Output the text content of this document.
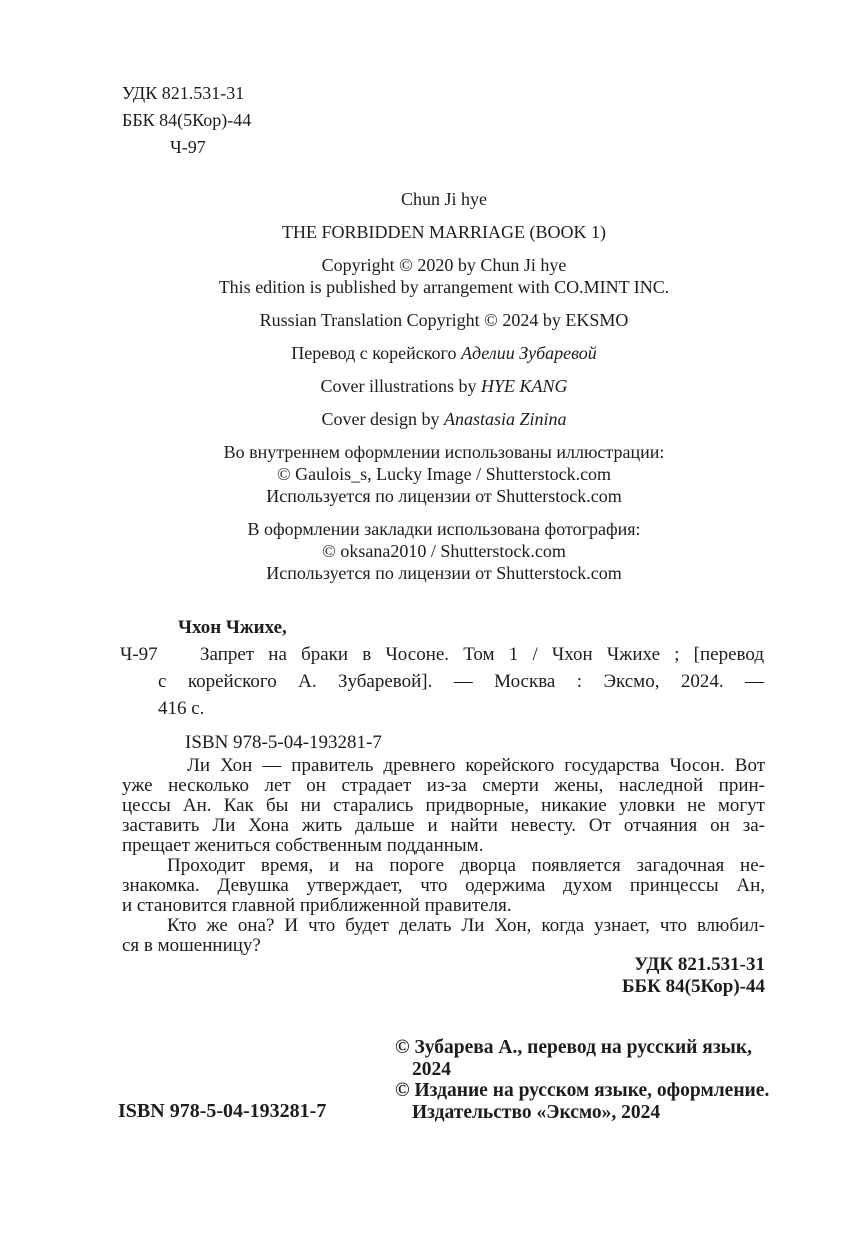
УДК 821.531-31
ББК 84(5Кор)-44
Ч-97

Chun Ji hye

THE FORBIDDEN MARRIAGE (BOOK 1)

Copyright © 2020 by Chun Ji hye
This edition is published by arrangement with CO.MINT INC.

Russian Translation Copyright © 2024 by EKSMO

Перевод с корейского Аделии Зубаревой

Cover illustrations by HYE KANG

Cover design by Anastasia Zinina

Во внутреннем оформлении использованы иллюстрации:
© Gaulois_s, Lucky Image / Shutterstock.com
Используется по лицензии от Shutterstock.com

В оформлении закладки использована фотография:
© oksana2010 / Shutterstock.com
Используется по лицензии от Shutterstock.com

Ч-97
Чхон Чжихе,
Запрет на браки в Чосоне. Том 1 / Чхон Чжихе ; [перевод
с корейского А. Зубаревой]. — Москва : Эксмо, 2024. —
416 с.
ISBN 978-5-04-193281-7
Ли Хон — правитель древнего корейского государства Чосон. Вот
уже несколько лет он страдает из-за смерти жены, наследной прин-
цессы Ан. Как бы ни старались придворные, никакие уловки не могут
заставить Ли Хона жить дальше и найти невесту. От отчаяния он за-
прещает жениться собственным подданным.
Проходит время, и на пороге дворца появляется загадочная не-
знакомка. Девушка утверждает, что одержима духом принцессы Ан,
и становится главной приближенной правителя.
Кто же она? И что будет делать Ли Хон, когда узнает, что влюбил-
ся в мошенницу?
УДК 821.531-31
ББК 84(5Кор)-44
© Зубарева А., перевод на русский язык,
2024
© Издание на русском языке, оформление.
Издательство «Эксмо», 2024
ISBN 978-5-04-193281-7
